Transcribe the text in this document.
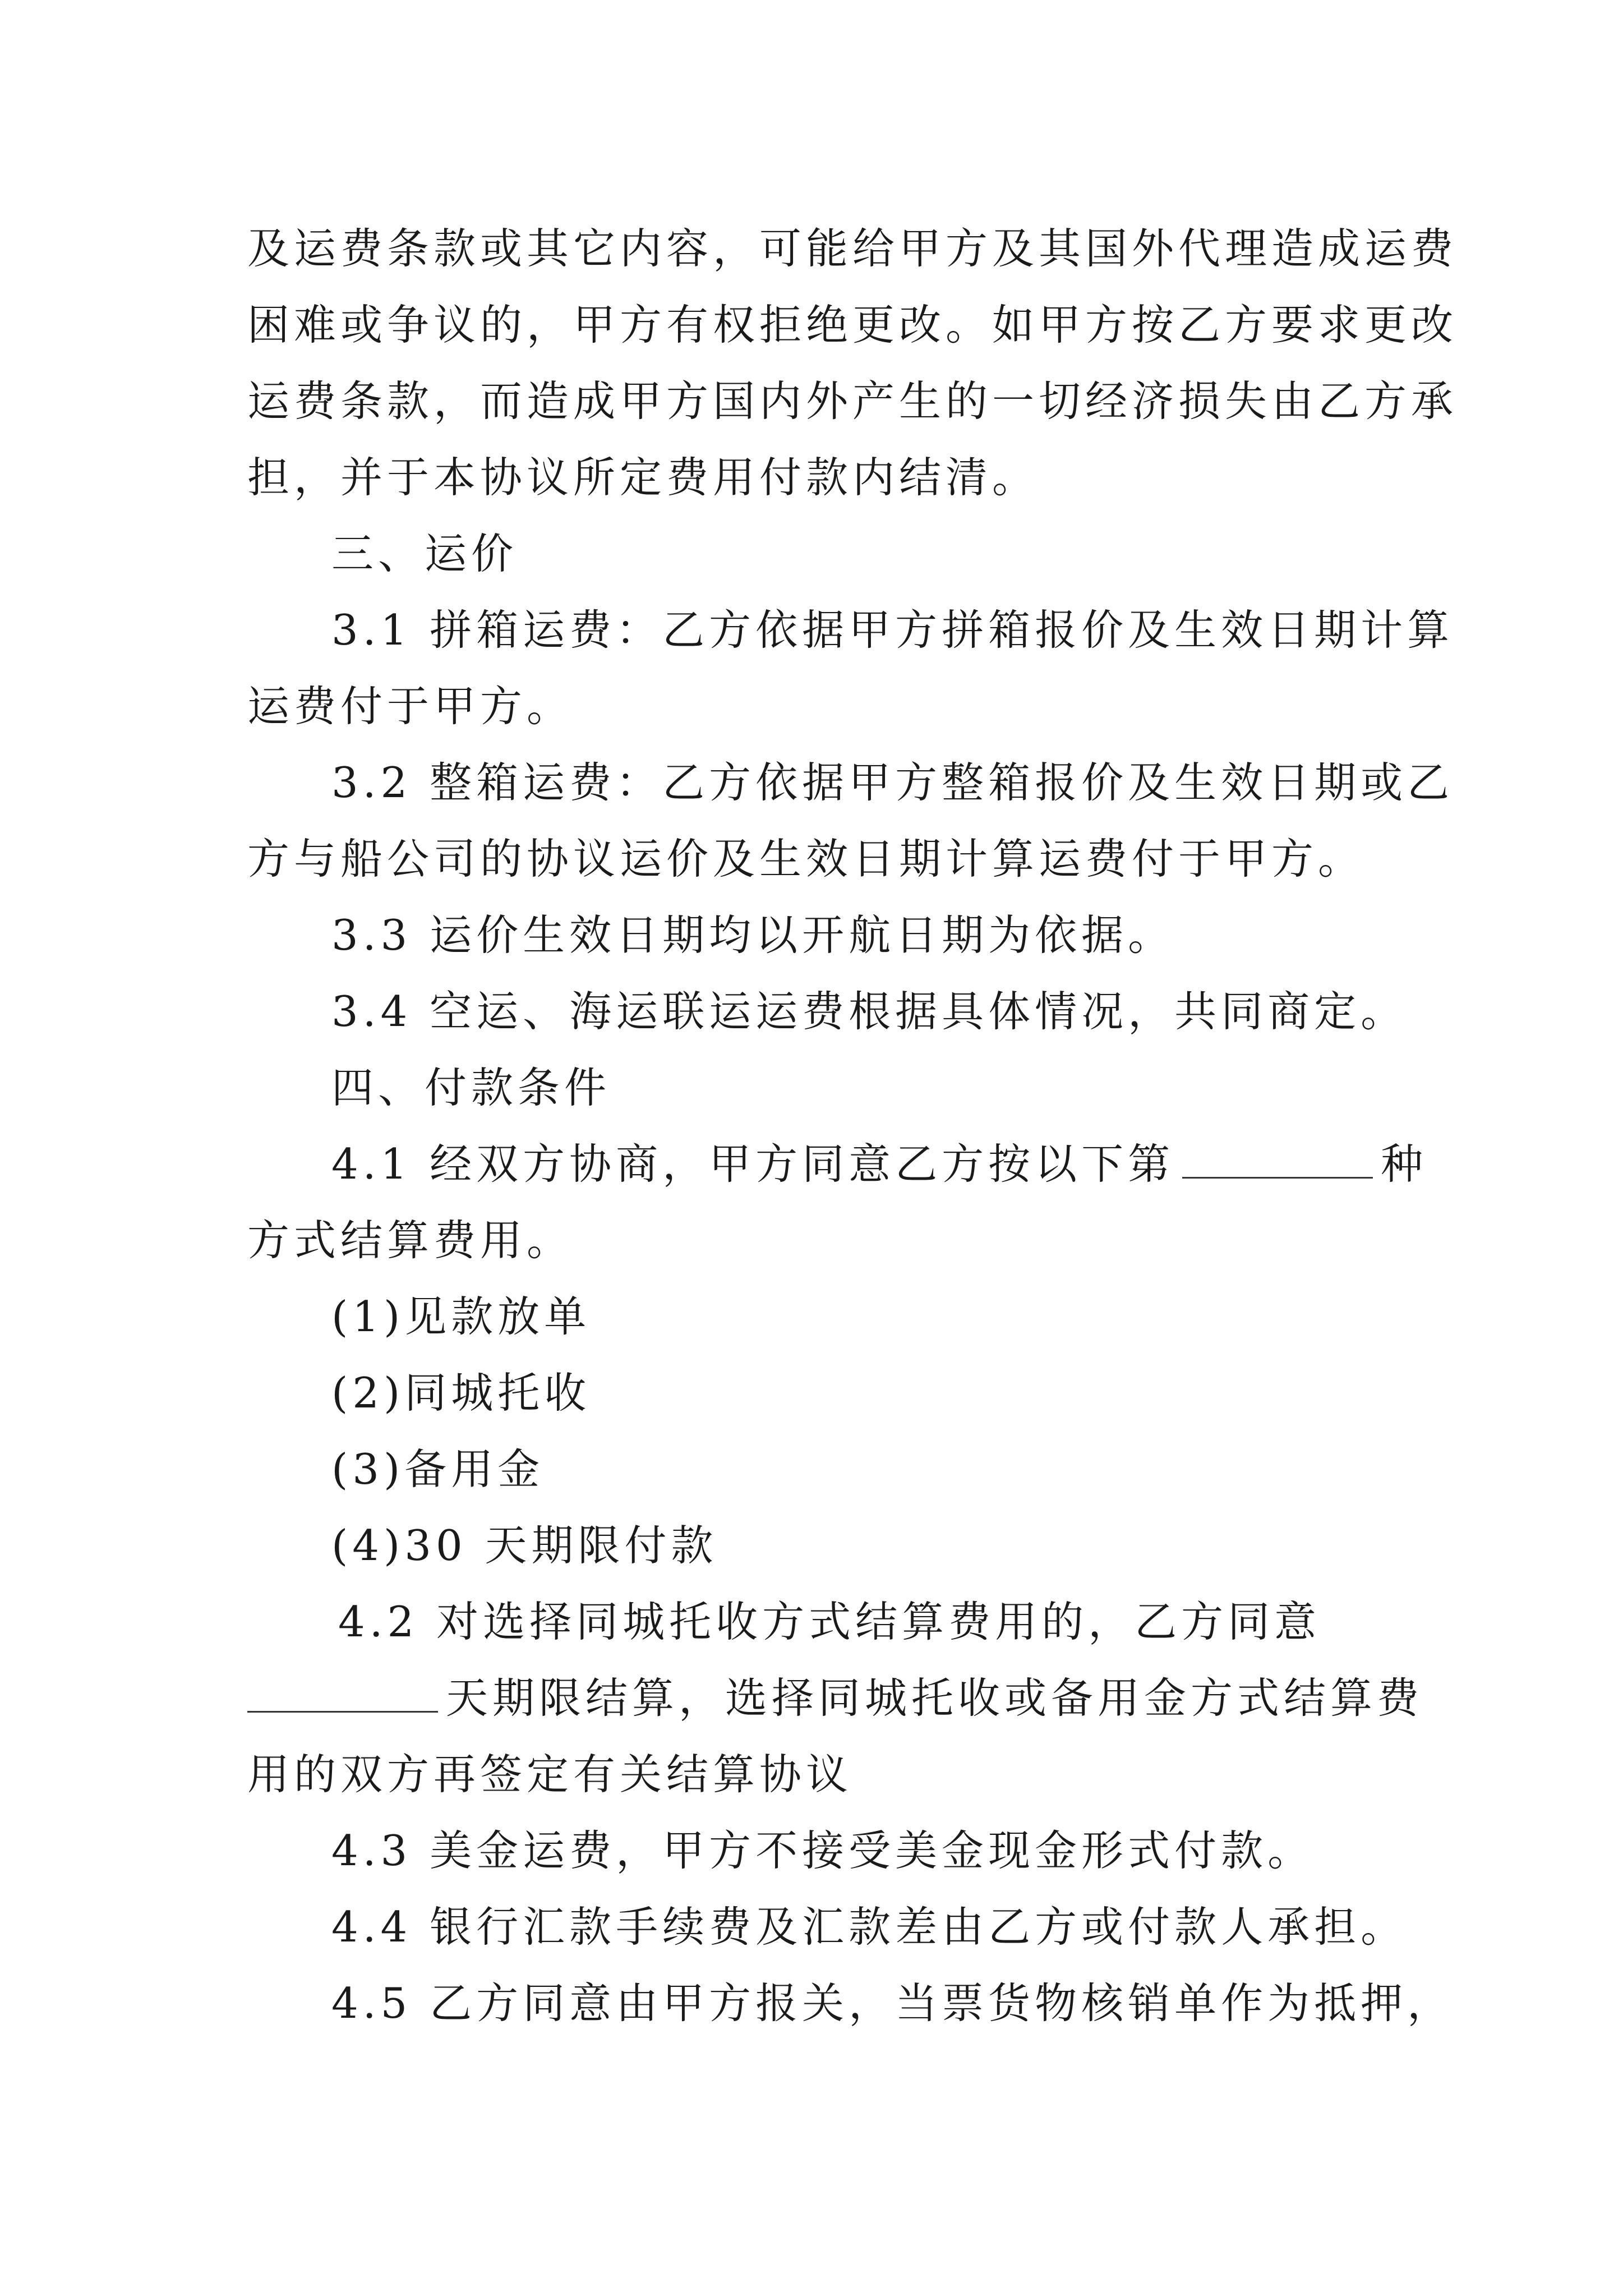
及运费条款或其它内容，可能给甲方及其国外代理造成运费
困难或争议的，甲方有权拒绝更改。如甲方按乙方要求更改
运费条款，而造成甲方国内外产生的一切经济损失由乙方承
担，并于本协议所定费用付款内结清。
三、运价
3.1 拼箱运费：乙方依据甲方拼箱报价及生效日期计算
运费付于甲方。
3.2 整箱运费：乙方依据甲方整箱报价及生效日期或乙
方与船公司的协议运价及生效日期计算运费付于甲方。
3.3 运价生效日期均以开航日期为依据。
3.4 空运、海运联运运费根据具体情况，共同商定。
四、付款条件
4.1 经双方协商，甲方同意乙方按以下第	种
方式结算费用。
(1)见款放单
(2)同城托收
(3)备用金
(4)30 天期限付款
4.2 对选择同城托收方式结算费用的，乙方同意
天期限结算，选择同城托收或备用金方式结算费
用的双方再签定有关结算协议
4.3 美金运费，甲方不接受美金现金形式付款。
4.4 银行汇款手续费及汇款差由乙方或付款人承担。
4.5 乙方同意由甲方报关，当票货物核销单作为抵押，
